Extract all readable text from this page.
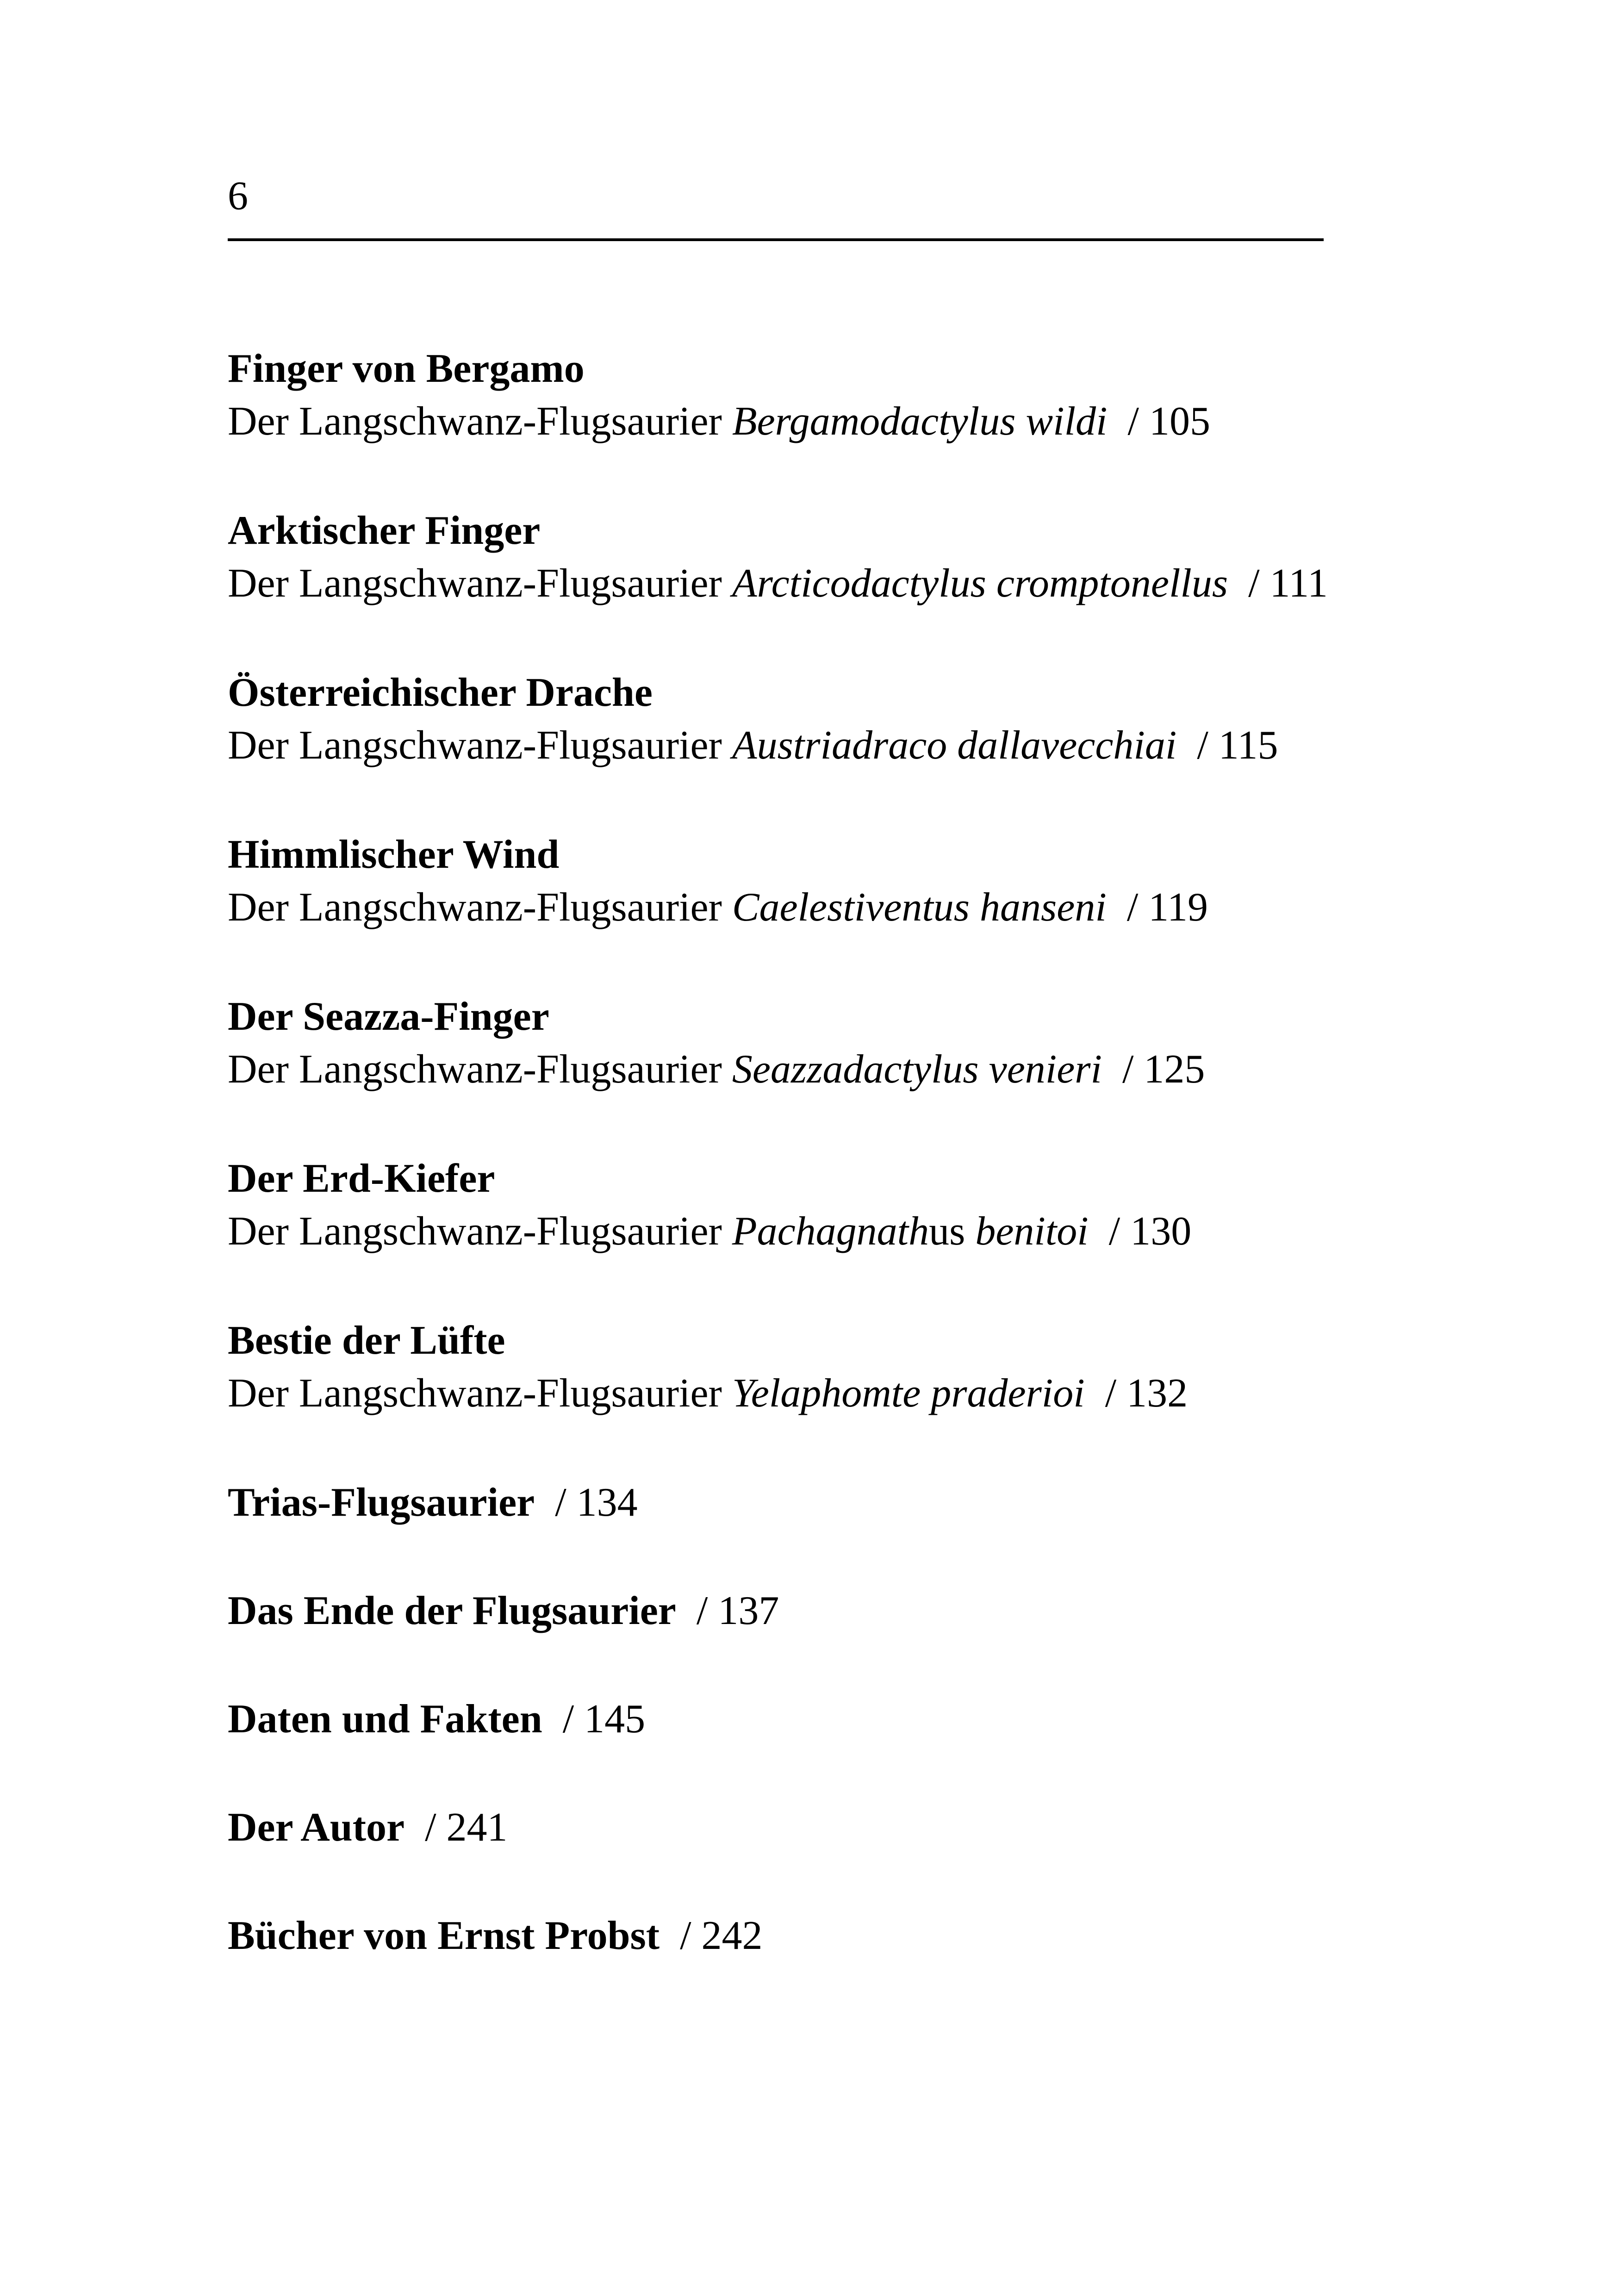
6
Finger von Bergamo
Der Langschwanz-Flugsaurier Bergamodactylus wildi / 105
Arktischer Finger
Der Langschwanz-Flugsaurier Arcticodactylus cromptonellus / 111
Österreichischer Drache
Der Langschwanz-Flugsaurier Austriadraco dallavecchiai / 115
Himmlischer Wind
Der Langschwanz-Flugsaurier Caelestiventus hanseni / 119
Der Seazza-Finger
Der Langschwanz-Flugsaurier Seazzadactylus venieri / 125
Der Erd-Kiefer
Der Langschwanz-Flugsaurier Pachagnathus benitoi / 130
Bestie der Lüfte
Der Langschwanz-Flugsaurier Yelaphomte praderioi / 132
Trias-Flugsaurier / 134
Das Ende der Flugsaurier / 137
Daten und Fakten / 145
Der Autor / 241
Bücher von Ernst Probst / 242
